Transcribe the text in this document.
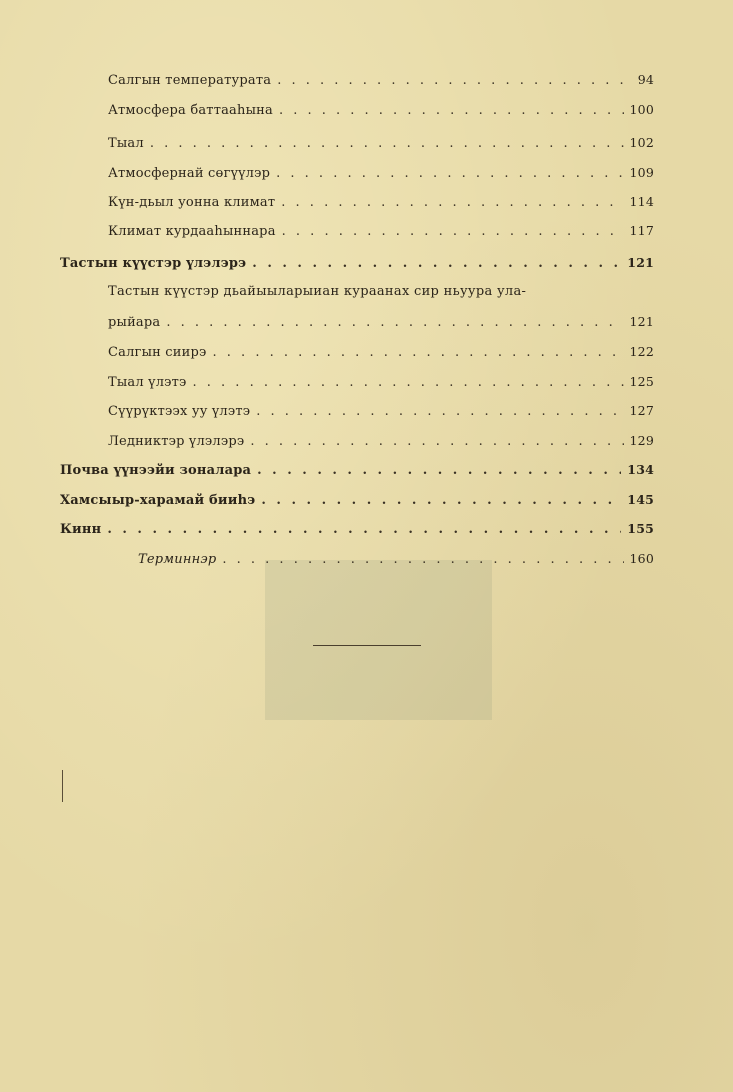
Салгын температурата . . .	94
Атмосфера баттааһына . . .	100
Тыал . . .	102
Атмосфернай сөгүүлэр . . .	109
Күн-дьыл уонна климат . . .	114
Климат курдааһыннара . . .	117
Тастын күүстэр үлэлэрэ . . .	121
Тастын күүстэр дьайыыларыиан кураанах сир ньуура ула-
рыйара . . .	121
Салгын сиирэ . . .	122
Тыал үлэтэ . . .	125
Сүүрүктээх уу үлэтэ . . .	127
Ледниктэр үлэлэрэ . . .	129
Почва үүнээйи зоналара . . .	134
Хамсыыр-харамай бииһэ . . .	145
Кинн . . .	155
Терминнэр . . .	160
